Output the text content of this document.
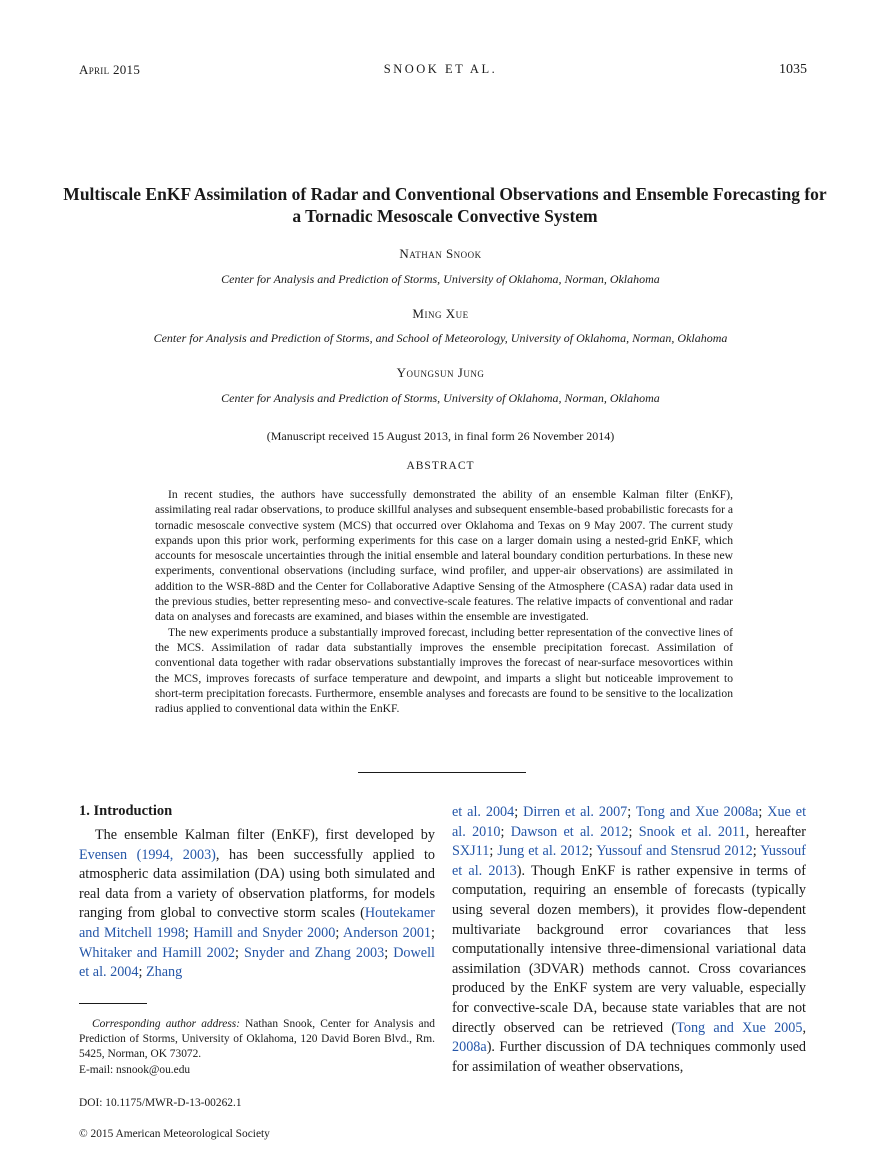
April 2015	SNOOK ET AL.	1035
Multiscale EnKF Assimilation of Radar and Conventional Observations and Ensemble Forecasting for a Tornadic Mesoscale Convective System
Nathan Snook
Center for Analysis and Prediction of Storms, University of Oklahoma, Norman, Oklahoma
Ming Xue
Center for Analysis and Prediction of Storms, and School of Meteorology, University of Oklahoma, Norman, Oklahoma
Youngsun Jung
Center for Analysis and Prediction of Storms, University of Oklahoma, Norman, Oklahoma
(Manuscript received 15 August 2013, in final form 26 November 2014)
ABSTRACT

In recent studies, the authors have successfully demonstrated the ability of an ensemble Kalman filter (EnKF), assimilating real radar observations, to produce skillful analyses and subsequent ensemble-based probabilistic forecasts for a tornadic mesoscale convective system (MCS) that occurred over Oklahoma and Texas on 9 May 2007. The current study expands upon this prior work, performing experiments for this case on a larger domain using a nested-grid EnKF, which accounts for mesoscale uncertainties through the initial ensemble and lateral boundary condition perturbations. In these new experiments, conventional observations (including surface, wind profiler, and upper-air observations) are assimilated in addition to the WSR-88D and the Center for Collaborative Adaptive Sensing of the Atmosphere (CASA) radar data used in the previous studies, better representing meso- and convective-scale features. The relative impacts of conventional and radar data on analyses and forecasts are examined, and biases within the ensemble are investigated.

The new experiments produce a substantially improved forecast, including better representation of the convective lines of the MCS. Assimilation of radar data substantially improves the ensemble precipitation forecast. Assimilation of conventional data together with radar observations substantially improves the forecast of near-surface mesovortices within the MCS, improves forecasts of surface temperature and dewpoint, and imparts a slight but noticeable improvement to short-term precipitation forecasts. Furthermore, ensemble analyses and forecasts are found to be sensitive to the localization radius applied to conventional data within the EnKF.

1. Introduction

The ensemble Kalman filter (EnKF), first developed by Evensen (1994, 2003), has been successfully applied to atmospheric data assimilation (DA) using both simulated and real data from a variety of observation platforms, for models ranging from global to convective storm scales (Houtekamer and Mitchell 1998; Hamill and Snyder 2000; Anderson 2001; Whitaker and Hamill 2002; Snyder and Zhang 2003; Dowell et al. 2004; Zhang

et al. 2004; Dirren et al. 2007; Tong and Xue 2008a; Xue et al. 2010; Dawson et al. 2012; Snook et al. 2011, hereafter SXJ11; Jung et al. 2012; Yussouf and Stensrud 2012; Yussouf et al. 2013). Though EnKF is rather expensive in terms of computation, requiring an ensemble of forecasts (typically using several dozen members), it provides flow-dependent multivariate background error covariances that less computationally intensive three-dimensional variational data assimilation (3DVAR) methods cannot. Cross covariances produced by the EnKF system are very valuable, especially for convective-scale DA, because state variables that are not directly observed can be retrieved (Tong and Xue 2005, 2008a). Further discussion of DA techniques commonly used for assimilation of weather observations,

Corresponding author address: Nathan Snook, Center for Analysis and Prediction of Storms, University of Oklahoma, 120 David Boren Blvd., Rm. 5425, Norman, OK 73072.

E-mail: nsnook@ou.edu

DOI: 10.1175/MWR-D-13-00262.1
© 2015 American Meteorological Society
